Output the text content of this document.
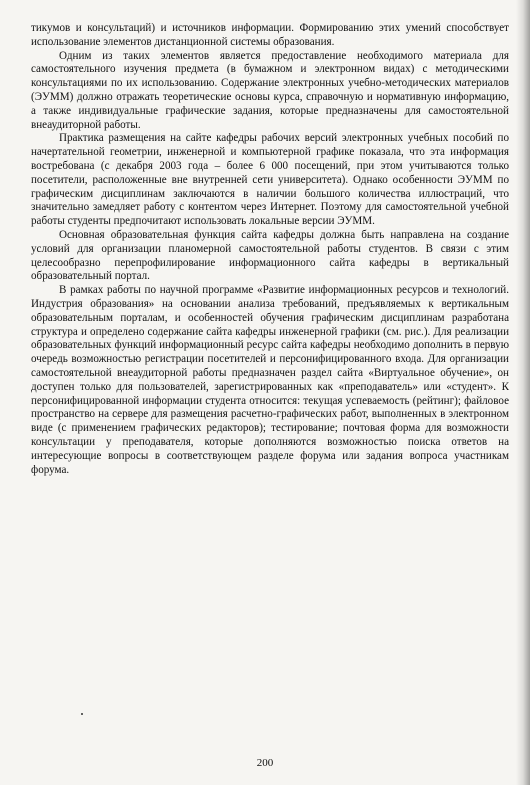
тикумов и консультаций) и источников информации. Формированию этих умений способствует использование элементов дистанционной системы образования.

Одним из таких элементов является предоставление необходимого материала для самостоятельного изучения предмета (в бумажном и электронном видах) с методическими консультациями по их использованию. Содержание электронных учебно-методических материалов (ЭУММ) должно отражать теоретические основы курса, справочную и нормативную информацию, а также индивидуальные графические задания, которые предназначены для самостоятельной внеаудиторной работы.

Практика размещения на сайте кафедры рабочих версий электронных учебных пособий по начертательной геометрии, инженерной и компьютерной графике показала, что эта информация востребована (с декабря 2003 года – более 6 000 посещений, при этом учитываются только посетители, расположенные вне внутренней сети университета). Однако особенности ЭУММ по графическим дисциплинам заключаются в наличии большого количества иллюстраций, что значительно замедляет работу с контентом через Интернет. Поэтому для самостоятельной учебной работы студенты предпочитают использовать локальные версии ЭУММ.

Основная образовательная функция сайта кафедры должна быть направлена на создание условий для организации планомерной самостоятельной работы студентов. В связи с этим целесообразно перепрофилирование информационного сайта кафедры в вертикальный образовательный портал.

В рамках работы по научной программе «Развитие информационных ресурсов и технологий. Индустрия образования» на основании анализа требований, предъявляемых к вертикальным образовательным порталам, и особенностей обучения графическим дисциплинам разработана структура и определено содержание сайта кафедры инженерной графики (см. рис.). Для реализации образовательных функций информационный ресурс сайта кафедры необходимо дополнить в первую очередь возможностью регистрации посетителей и персонифицированного входа. Для организации самостоятельной внеаудиторной работы предназначен раздел сайта «Виртуальное обучение», он доступен только для пользователей, зарегистрированных как «преподаватель» или «студент». К персонифицированной информации студента относится: текущая успеваемость (рейтинг); файловое пространство на сервере для размещения расчетно-графических работ, выполненных в электронном виде (с применением графических редакторов); тестирование; почтовая форма для возможности консультации у преподавателя, которые дополняются возможностью поиска ответов на интересующие вопросы в соответствующем разделе форума или задания вопроса участникам форума.

200
